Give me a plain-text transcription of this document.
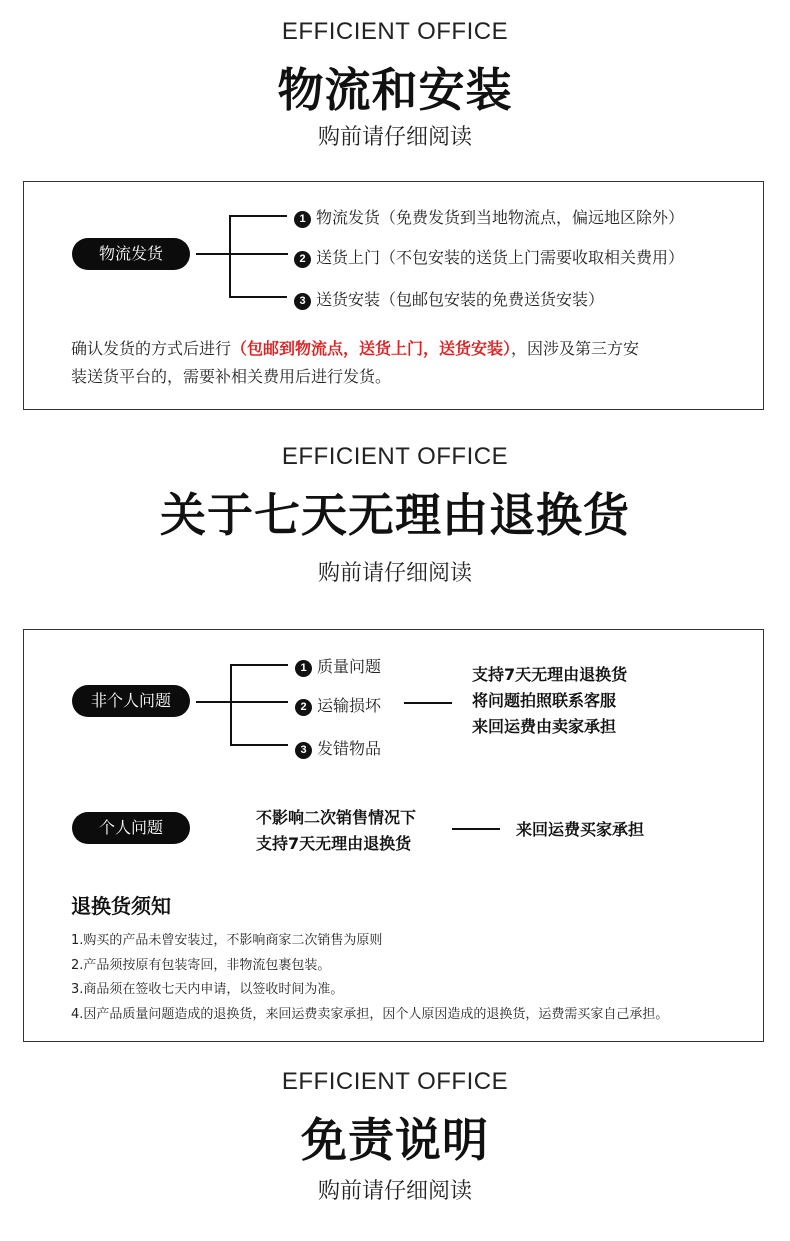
EFFICIENT OFFICE
物流和安装
购前请仔细阅读
物流发货
1 物流发货（免费发货到当地物流点，偏远地区除外）
2 送货上门（不包安装的送货上门需要收取相关费用）
3 送货安装（包邮包安装的免费送货安装）
确认发货的方式后进行（包邮到物流点，送货上门，送货安装），因涉及第三方安
装送货平台的，需要补相关费用后进行发货。
EFFICIENT OFFICE
关于七天无理由退换货
购前请仔细阅读
非个人问题
1 质量问题
2 运输损坏
3 发错物品
支持7天无理由退换货
将问题拍照联系客服
来回运费由卖家承担
个人问题
不影响二次销售情况下
支持7天无理由退换货
来回运费买家承担
退换货须知
1.购买的产品未曾安装过，不影响商家二次销售为原则
2.产品须按原有包装寄回，非物流包裹包装。
3.商品须在签收七天内申请，以签收时间为准。
4.因产品质量问题造成的退换货，来回运费卖家承担，因个人原因造成的退换货，运费需买家自己承担。
EFFICIENT OFFICE
免责说明
购前请仔细阅读
